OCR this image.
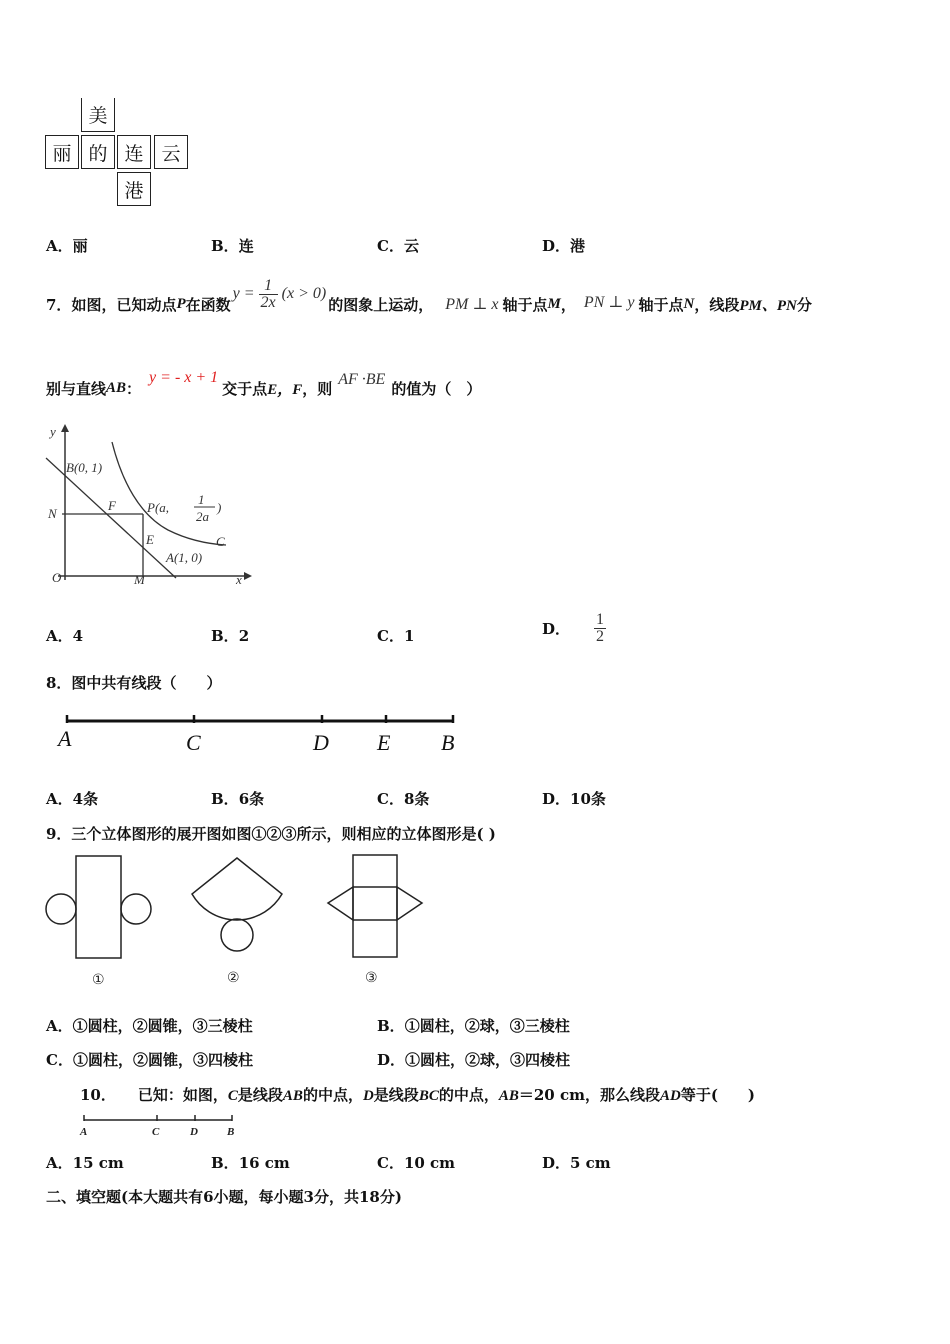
美
丽 的 连 云
港
A．丽	B．连	C．云	D．港
7． 如图，已知动点 P 在函数
$y = \frac{1}{2x} (x > 0)$
的图象上运动， PM ⊥ x 轴于点 M ， PN ⊥ y 轴于点 N ，线段 PM、PN 分
别与直线 AB ：
y = - x + 1
交于点 E，F ，则 AF ·BE 的值为（　）
y
x
O
B(0, 1)
F P(a,
1
2a
)
N
E	C
A(1, 0)
M
A．4	B．2	C．1	D． $\frac{1}{2}$
8．图中共有线段（　　）
A	C	D E B
A．4条	B．6条	C．8条	D．10条
9．三个立体图形的展开图如图①②③所示，则相应的立体图形是( )
①	②	③
A．①圆柱，②圆锥，③三棱柱	B．①圆柱，②球，③三棱柱
C．①圆柱，②圆锥，③四棱柱	D．①圆柱，②球，③四棱柱
10． 已知：如图，C是线段AB的中点，D是线段BC的中点，AB＝20 cm，那么线段AD等于(　　)
A	C	D	B
A．15 cm	B．16 cm	C．10 cm	D．5 cm
二、填空题(本大题共有6小题，每小题3分，共18分)
